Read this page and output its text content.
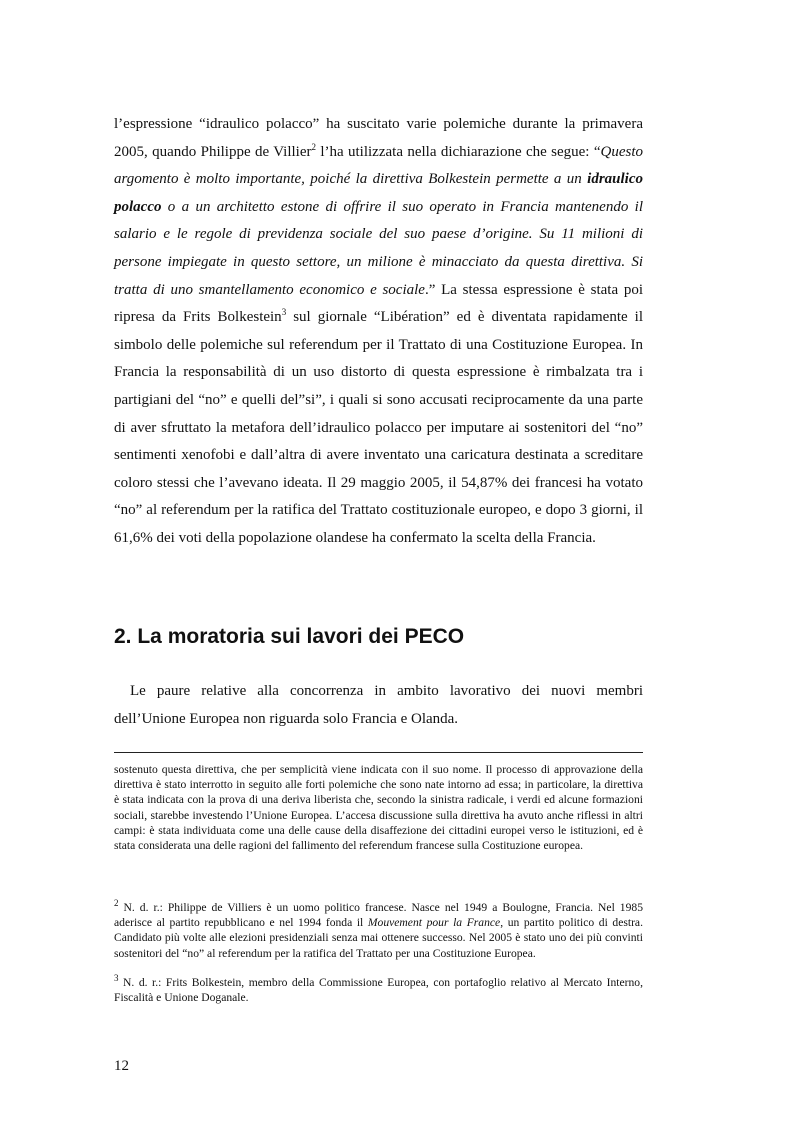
l’espressione “idraulico polacco” ha suscitato varie polemiche durante la primavera 2005, quando Philippe de Villier$^2$ l’ha utilizzata nella dichiarazione che segue: “Questo argomento è molto importante, poiché la direttiva Bolkestein permette a un idraulico polacco o a un architetto estone di offrire il suo operato in Francia mantenendo il salario e le regole di previdenza sociale del suo paese d’origine. Su 11 milioni di persone impiegate in questo settore, un milione è minacciato da questa direttiva. Si tratta di uno smantellamento economico e sociale.” La stessa espressione è stata poi ripresa da Frits Bolkestein$^3$ sul giornale “Libération” ed è diventata rapidamente il simbolo delle polemiche sul referendum per il Trattato di una Costituzione Europea. In Francia la responsabilità di un uso distorto di questa espressione è rimbalzata tra i partigiani del “no” e quelli del”si”, i quali si sono accusati reciprocamente da una parte di aver sfruttato la metafora dell’idraulico polacco per imputare ai sostenitori del “no” sentimenti xenofobi e dall’altra di avere inventato una caricatura destinata a screditare coloro stessi che l’avevano ideata. Il 29 maggio 2005, il 54,87% dei francesi ha votato “no” al referendum per la ratifica del Trattato costituzionale europeo, e dopo 3 giorni, il 61,6% dei voti della popolazione olandese ha confermato la scelta della Francia.

2. La moratoria sui lavori dei PECO

Le paure relative alla concorrenza in ambito lavorativo dei nuovi membri dell’Unione Europea non riguarda solo Francia e Olanda.

sostenuto questa direttiva, che per semplicità viene indicata con il suo nome. Il processo di approvazione della direttiva è stato interrotto in seguito alle forti polemiche che sono nate intorno ad essa; in particolare, la direttiva è stata indicata con la prova di una deriva liberista che, secondo la sinistra radicale, i verdi ed alcune formazioni sociali, starebbe investendo l’Unione Europea. L’accesa discussione sulla direttiva ha avuto anche riflessi in altri campi: è stata individuata come una delle cause della disaffezione dei cittadini europei verso le istituzioni, ed è stata considerata una delle ragioni del fallimento del referendum francese sulla Costituzione europea.

$^2$ N. d. r.: Philippe de Villiers è un uomo politico francese. Nasce nel 1949 a Boulogne, Francia. Nel 1985 aderisce al partito repubblicano e nel 1994 fonda il Mouvement pour la France, un partito politico di destra. Candidato più volte alle elezioni presidenziali senza mai ottenere successo. Nel 2005 è stato uno dei più convinti sostenitori del “no” al referendum per la ratifica del Trattato per una Costituzione Europea.

$^3$ N. d. r.: Frits Bolkestein, membro della Commissione Europea, con portafoglio relativo al Mercato Interno, Fiscalità e Unione Doganale.

12
